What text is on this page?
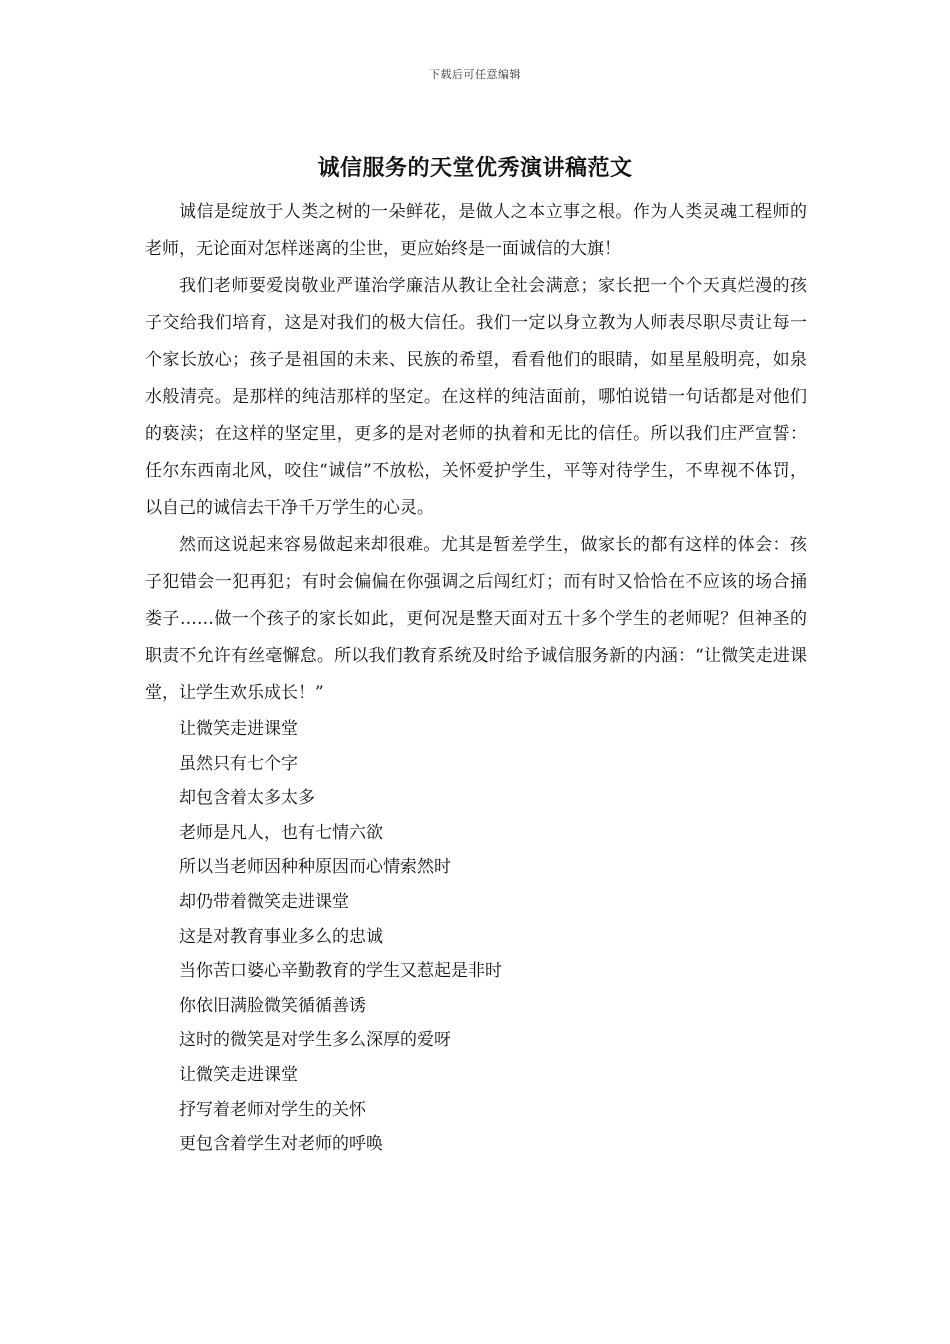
下载后可任意编辑
诚信服务的天堂优秀演讲稿范文

诚信是绽放于人类之树的一朵鲜花，是做人之本立事之根。作为人类灵魂工程师的老师，无论面对怎样迷离的尘世，更应始终是一面诚信的大旗！

我们老师要爱岗敬业严谨治学廉洁从教让全社会满意；家长把一个个天真烂漫的孩子交给我们培育，这是对我们的极大信任。我们一定以身立教为人师表尽职尽责让每一个家长放心；孩子是祖国的未来、民族的希望，看看他们的眼睛，如星星般明亮，如泉水般清亮。是那样的纯洁那样的坚定。在这样的纯洁面前，哪怕说错一句话都是对他们的亵渎；在这样的坚定里，更多的是对老师的执着和无比的信任。所以我们庄严宣誓：任尔东西南北风，咬住“诚信”不放松，关怀爱护学生，平等对待学生，不卑视不体罚，以自己的诚信去干净千万学生的心灵。

然而这说起来容易做起来却很难。尤其是暂差学生，做家长的都有这样的体会：孩子犯错会一犯再犯；有时会偏偏在你强调之后闯红灯；而有时又恰恰在不应该的场合捅娄子……做一个孩子的家长如此，更何况是整天面对五十多个学生的老师呢？但神圣的职责不允许有丝毫懈怠。所以我们教育系统及时给予诚信服务新的内涵：“让微笑走进课堂，让学生欢乐成长！”

让微笑走进课堂
虽然只有七个字
却包含着太多太多
老师是凡人，也有七情六欲
所以当老师因种种原因而心情索然时
却仍带着微笑走进课堂
这是对教育事业多么的忠诚
当你苦口婆心辛勤教育的学生又惹起是非时
你依旧满脸微笑循循善诱
这时的微笑是对学生多么深厚的爱呀
让微笑走进课堂
抒写着老师对学生的关怀
更包含着学生对老师的呼唤
